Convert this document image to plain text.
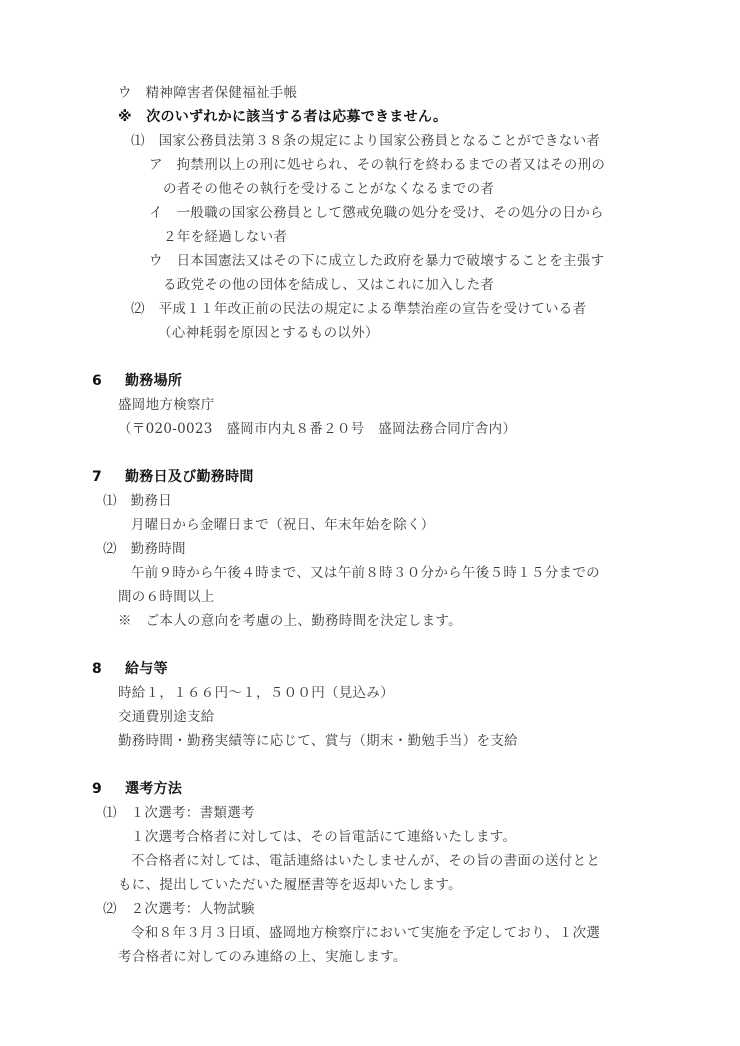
ウ　精神障害者保健福祉手帳
※　次のいずれかに該当する者は応募できません。
⑴　国家公務員法第３８条の規定により国家公務員となることができない者
ア　拘禁刑以上の刑に処せられ、その執行を終わるまでの者又はその刑の
の者その他その執行を受けることがなくなるまでの者
イ　一般職の国家公務員として懲戒免職の処分を受け、その処分の日から
２年を経過しない者
ウ　日本国憲法又はその下に成立した政府を暴力で破壊することを主張す
る政党その他の団体を結成し、又はこれに加入した者
⑵　平成１１年改正前の民法の規定による準禁治産の宣告を受けている者
（心神耗弱を原因とするもの以外）
6 勤務場所
盛岡地方検察庁
（〒020-0023　盛岡市内丸８番２０号　盛岡法務合同庁舎内）
7 勤務日及び勤務時間
⑴　勤務日
月曜日から金曜日まで（祝日、年末年始を除く）
⑵　勤務時間
午前９時から午後４時まで、又は午前８時３０分から午後５時１５分までの
間の６時間以上
※　ご本人の意向を考慮の上、勤務時間を決定します。
8 給与等
時給１，１６６円～１，５００円（見込み）
交通費別途支給
勤務時間・勤務実績等に応じて、賞与（期末・勤勉手当）を支給
9 選考方法
⑴　１次選考：書類選考
１次選考合格者に対しては、その旨電話にて連絡いたします。
不合格者に対しては、電話連絡はいたしませんが、その旨の書面の送付とと
もに、提出していただいた履歴書等を返却いたします。
⑵　２次選考：人物試験
令和８年３月３日頃、盛岡地方検察庁において実施を予定しており、１次選
考合格者に対してのみ連絡の上、実施します。
